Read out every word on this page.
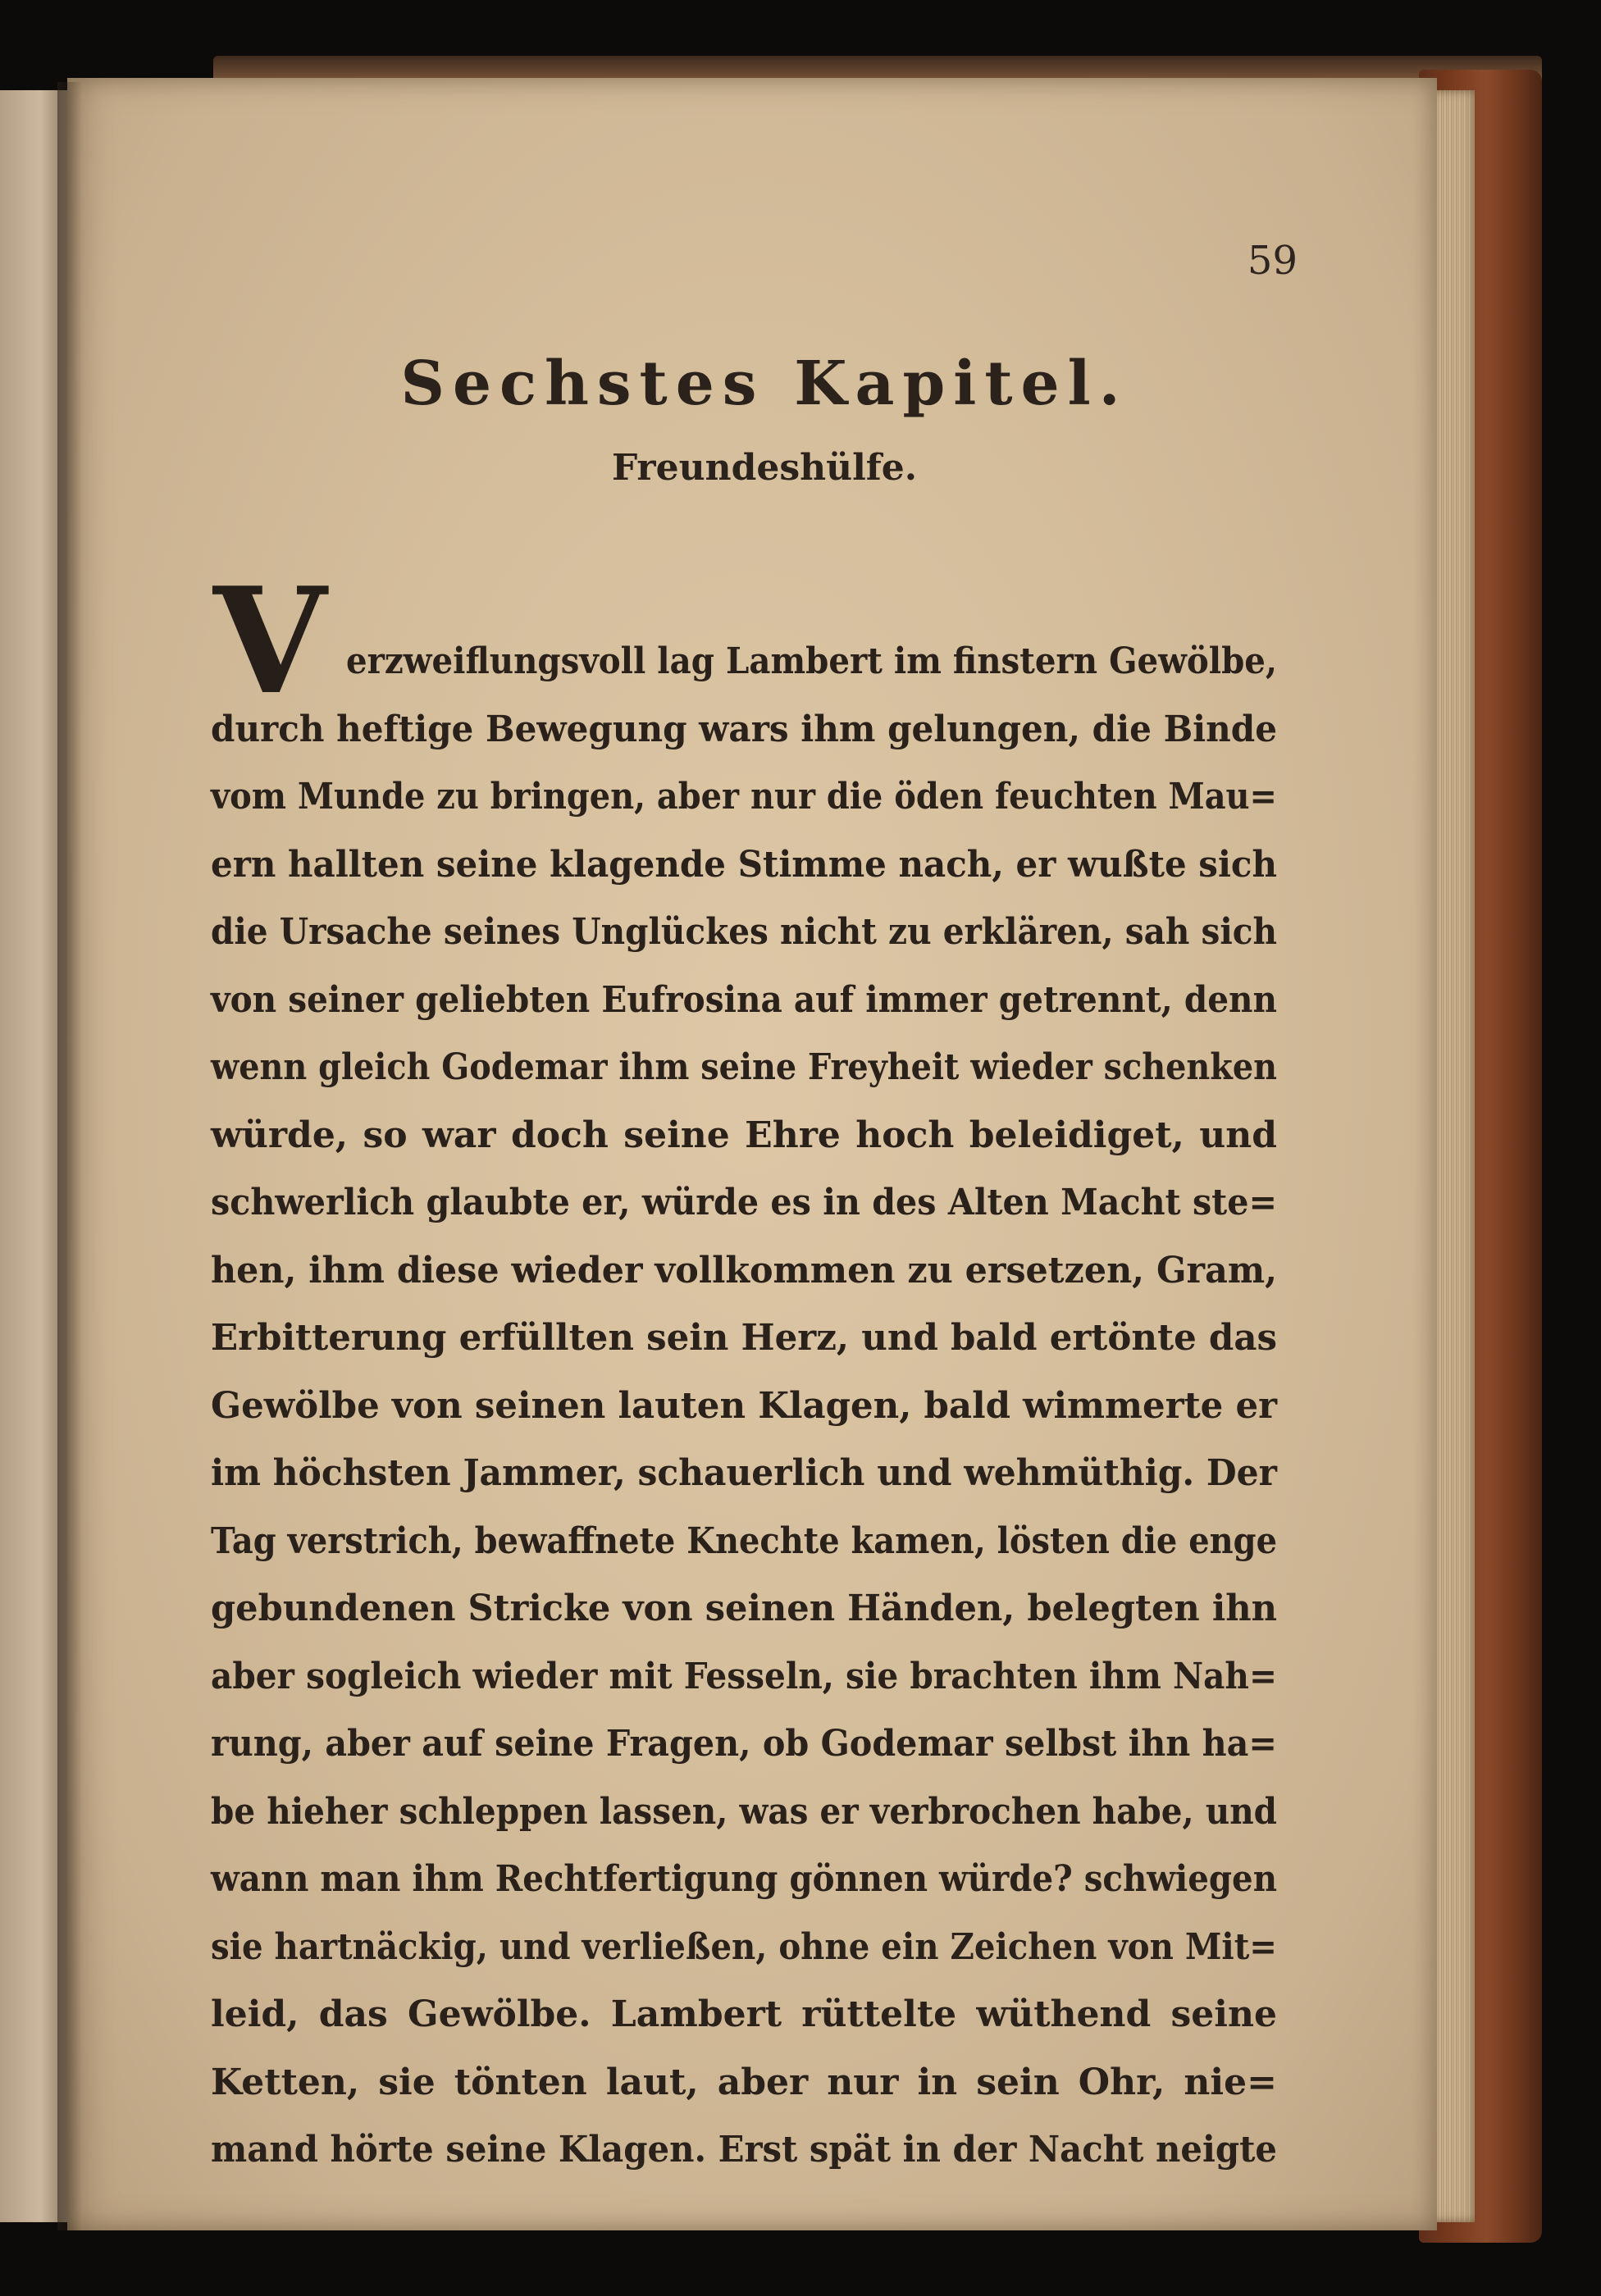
59

Sechstes Kapitel.
Freundeshülfe.
V erzweiflungsvoll lag Lambert im finstern Gewölbe,
durch heftige Bewegung wars ihm gelungen, die Binde
vom Munde zu bringen, aber nur die öden feuchten Mau=
ern hallten seine klagende Stimme nach, er wußte sich
die Ursache seines Unglückes nicht zu erklären, sah sich
von seiner geliebten Eufrosina auf immer getrennt, denn
wenn gleich Godemar ihm seine Freyheit wieder schenken
würde, so war doch seine Ehre hoch beleidiget, und
schwerlich glaubte er, würde es in des Alten Macht ste=
hen, ihm diese wieder vollkommen zu ersetzen, Gram,
Erbitterung erfüllten sein Herz, und bald ertönte das
Gewölbe von seinen lauten Klagen, bald wimmerte er
im höchsten Jammer, schauerlich und wehmüthig. Der
Tag verstrich, bewaffnete Knechte kamen, lösten die enge
gebundenen Stricke von seinen Händen, belegten ihn
aber sogleich wieder mit Fesseln, sie brachten ihm Nah=
rung, aber auf seine Fragen, ob Godemar selbst ihn ha=
be hieher schleppen lassen, was er verbrochen habe, und
wann man ihm Rechtfertigung gönnen würde? schwiegen
sie hartnäckig, und verließen, ohne ein Zeichen von Mit=
leid, das Gewölbe. Lambert rüttelte wüthend seine
Ketten, sie tönten laut, aber nur in sein Ohr, nie=
mand hörte seine Klagen. Erst spät in der Nacht neigte
